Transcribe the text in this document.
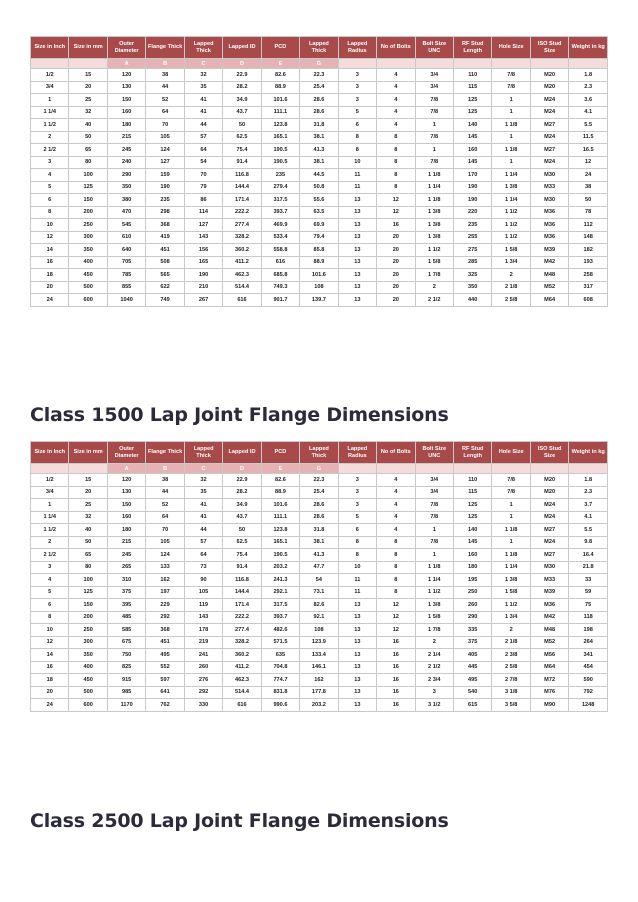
Size in Inch	Size in mm	Outer Diameter	Flange Thick	Lapped Thick	Lapped ID	PCD	Lapped Thick	Lapped Radius	No of Bolts	Bolt Size UNC	RF Stud Length	Hole Size	ISO Stud Size	Weight in kg
		A	B	C	D	E	G							
1/2	15	120	38	32	22.9	82.6	22.3	3	4	3/4	110	7/8	M20	1.8
3/4	20	130	44	35	28.2	88.9	25.4	3	4	3/4	115	7/8	M20	2.3
1	25	150	52	41	34.9	101.6	28.6	3	4	7/8	125	1	M24	3.6
1 1/4	32	160	64	41	43.7	111.1	28.6	5	4	7/8	125	1	M24	4.1
1 1/2	40	180	70	44	50	123.8	31.8	6	4	1	140	1 1/8	M27	5.5
2	50	215	105	57	62.5	165.1	38.1	8	8	7/8	145	1	M24	11.5
2 1/2	65	245	124	64	75.4	190.5	41.3	8	8	1	160	1 1/8	M27	16.5
3	80	240	127	54	91.4	190.5	38.1	10	8	7/8	145	1	M24	12
4	100	290	159	70	116.8	235	44.5	11	8	1 1/8	170	1 1/4	M30	24
5	125	350	190	79	144.4	279.4	50.8	11	8	1 1/4	190	1 3/8	M33	38
6	150	380	235	86	171.4	317.5	55.6	13	12	1 1/8	190	1 1/4	M30	50
8	200	470	298	114	222.2	393.7	63.5	13	12	1 3/8	220	1 1/2	M36	78
10	250	545	368	127	277.4	469.9	69.9	13	16	1 3/8	235	1 1/2	M36	112
12	300	610	419	143	328.2	533.4	79.4	13	20	1 3/8	255	1 1/2	M36	148
14	350	640	451	156	360.2	558.8	85.8	13	20	1 1/2	275	1 5/8	M39	182
16	400	705	508	165	411.2	616	88.9	13	20	1 5/8	285	1 3/4	M42	193
18	450	785	565	190	462.3	685.8	101.6	13	20	1 7/8	325	2	M48	258
20	500	855	622	210	514.4	749.3	108	13	20	2	350	2 1/8	M52	317
24	600	1040	749	267	616	901.7	139.7	13	20	2 1/2	440	2 5/8	M64	608
Class 1500 Lap Joint Flange Dimensions
Size in Inch	Size in mm	Outer Diameter	Flange Thick	Lapped Thick	Lapped ID	PCD	Lapped Thick	Lapped Radius	No of Bolts	Bolt Size UNC	RF Stud Length	Hole Size	ISO Stud Size	Weight in kg
		A	B	C	D	E	G							
1/2	15	120	38	32	22.9	82.6	22.3	3	4	3/4	110	7/8	M20	1.8
3/4	20	130	44	35	28.2	88.9	25.4	3	4	3/4	115	7/8	M20	2.3
1	25	150	52	41	34.9	101.6	28.6	3	4	7/8	125	1	M24	3.7
1 1/4	32	160	64	41	43.7	111.1	28.6	5	4	7/8	125	1	M24	4.1
1 1/2	40	180	70	44	50	123.8	31.8	6	4	1	140	1 1/8	M27	5.5
2	50	215	105	57	62.5	165.1	38.1	8	8	7/8	145	1	M24	9.8
2 1/2	65	245	124	64	75.4	190.5	41.3	8	8	1	160	1 1/8	M27	16.4
3	80	265	133	73	91.4	203.2	47.7	10	8	1 1/8	180	1 1/4	M30	21.8
4	100	310	162	90	116.8	241.3	54	11	8	1 1/4	195	1 3/8	M33	33
5	125	375	197	105	144.4	292.1	73.1	11	8	1 1/2	250	1 5/8	M39	59
6	150	395	229	119	171.4	317.5	82.6	13	12	1 3/8	260	1 1/2	M36	75
8	200	485	292	143	222.2	393.7	92.1	13	12	1 5/8	290	1 3/4	M42	118
10	250	585	368	178	277.4	482.6	108	13	12	1 7/8	335	2	M48	198
12	300	675	451	219	328.2	571.5	123.9	13	16	2	375	2 1/8	M52	264
14	350	750	495	241	360.2	635	133.4	13	16	2 1/4	405	2 3/8	M56	341
16	400	825	552	260	411.2	704.8	146.1	13	16	2 1/2	445	2 5/8	M64	454
18	450	915	597	276	462.3	774.7	162	13	16	2 3/4	495	2 7/8	M72	590
20	500	985	641	292	514.4	831.8	177.8	13	16	3	540	3 1/8	M76	792
24	600	1170	762	330	616	990.6	203.2	13	16	3 1/2	615	3 5/8	M90	1248
Class 2500 Lap Joint Flange Dimensions
